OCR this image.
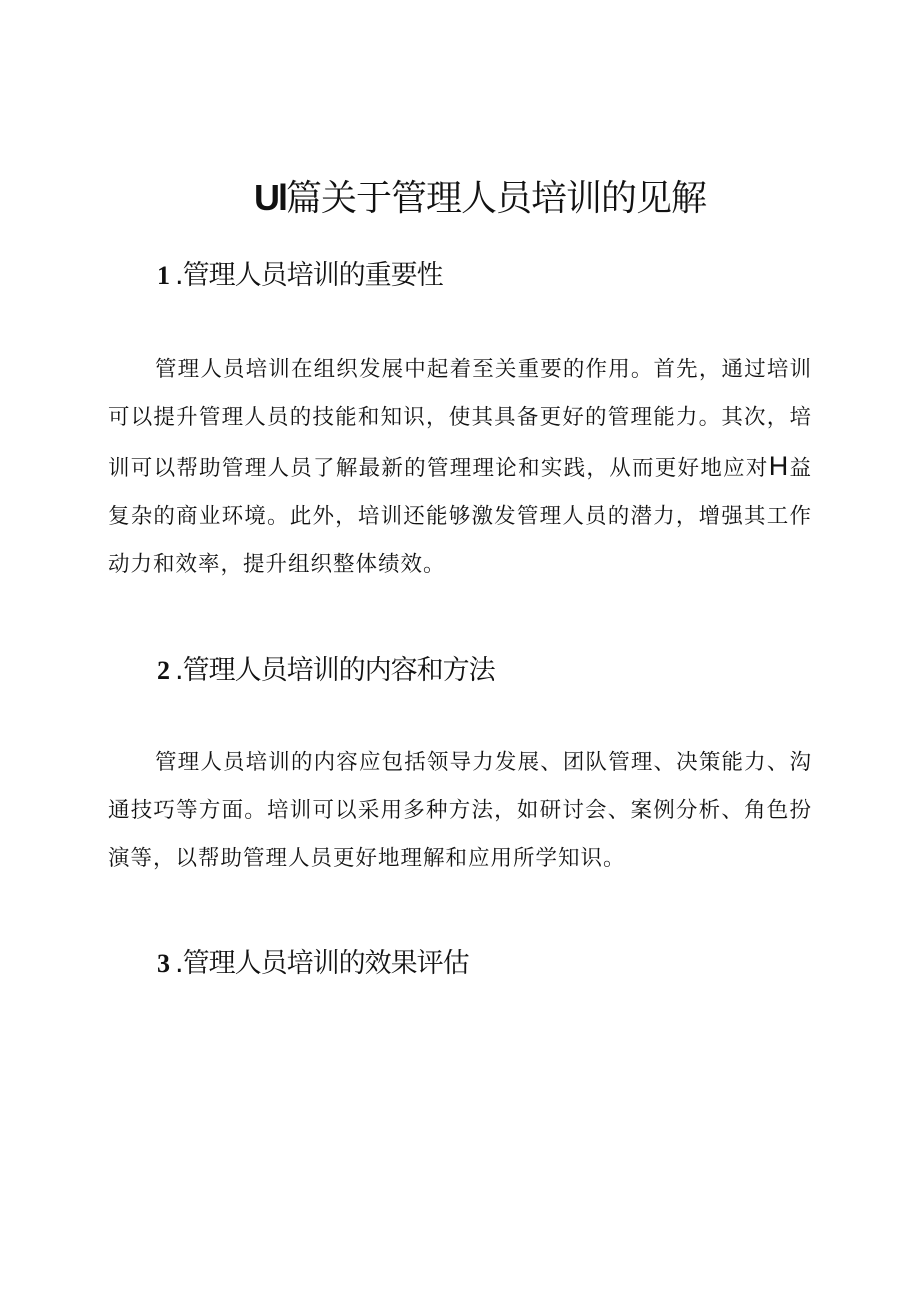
Ul篇关于管理人员培训的见解
1 .管理人员培训的重要性

管理人员培训在组织发展中起着至关重要的作用。首先，通过培训可以提升管理人员的技能和知识，使其具备更好的管理能力。其次，培训可以帮助管理人员了解最新的管理理论和实践，从而更好地应对H益复杂的商业环境。此外，培训还能够激发管理人员的潜力，增强其工作动力和效率，提升组织整体绩效。

2 .管理人员培训的内容和方法

管理人员培训的内容应包括领导力发展、团队管理、决策能力、沟通技巧等方面。培训可以采用多种方法，如研讨会、案例分析、角色扮演等，以帮助管理人员更好地理解和应用所学知识。

3 .管理人员培训的效果评估
